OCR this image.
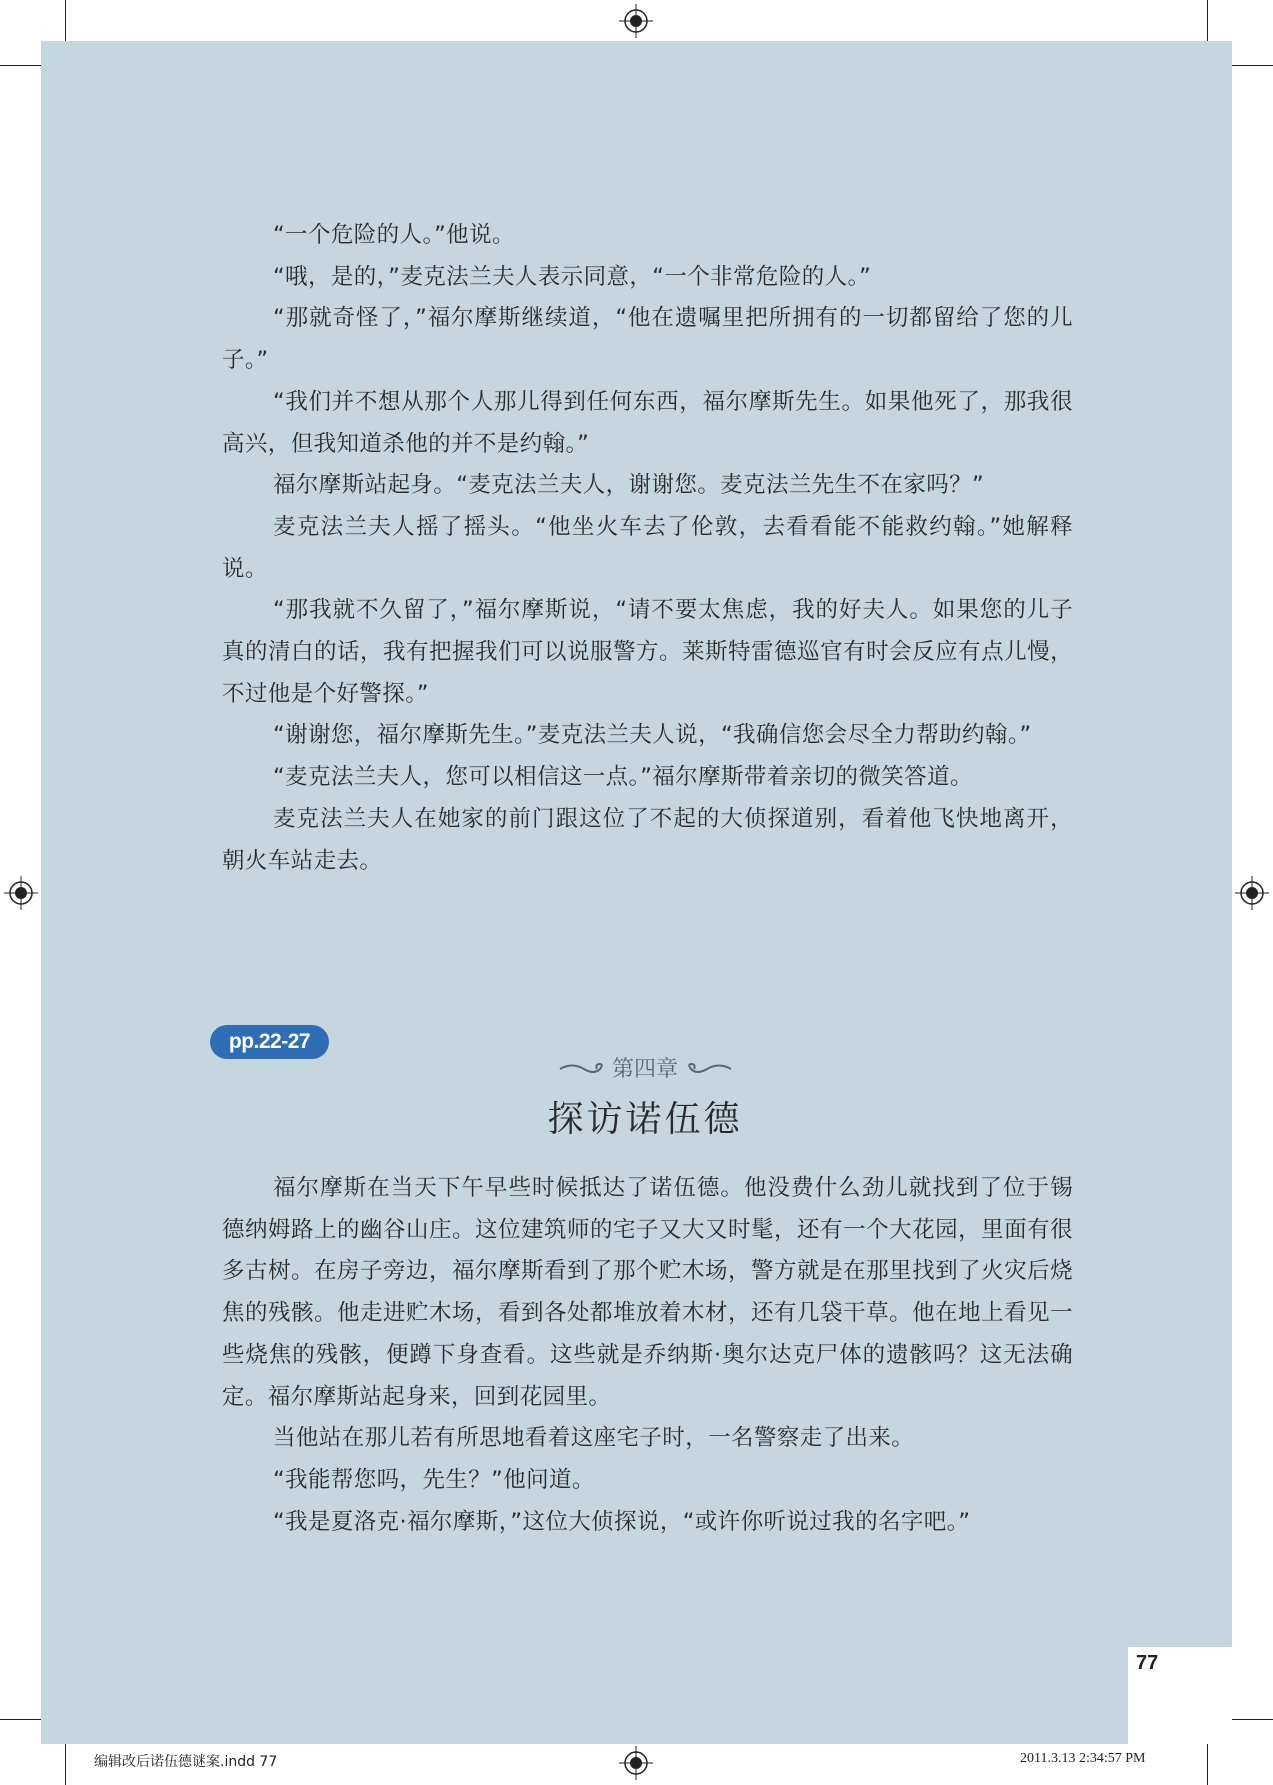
“一个危险的人。”他说。

“哦，是的，”麦克法兰夫人表示同意，“一个非常危险的人。”

“那就奇怪了，”福尔摩斯继续道，“他在遗嘱里把所拥有的一切都留给了您的儿子。”

“我们并不想从那个人那儿得到任何东西，福尔摩斯先生。如果他死了，那我很高兴，但我知道杀他的并不是约翰。”

福尔摩斯站起身。“麦克法兰夫人，谢谢您。麦克法兰先生不在家吗？”

麦克法兰夫人摇了摇头。“他坐火车去了伦敦，去看看能不能救约翰。”她解释说。

“那我就不久留了，”福尔摩斯说，“请不要太焦虑，我的好夫人。如果您的儿子真的清白的话，我有把握我们可以说服警方。莱斯特雷德巡官有时会反应有点儿慢，不过他是个好警探。”

“谢谢您，福尔摩斯先生。”麦克法兰夫人说，“我确信您会尽全力帮助约翰。”

“麦克法兰夫人，您可以相信这一点。”福尔摩斯带着亲切的微笑答道。

麦克法兰夫人在她家的前门跟这位了不起的大侦探道别，看着他飞快地离开，朝火车站走去。

pp.22-27
第四章
探访诺伍德

福尔摩斯在当天下午早些时候抵达了诺伍德。他没费什么劲儿就找到了位于锡德纳姆路上的幽谷山庄。这位建筑师的宅子又大又时髦，还有一个大花园，里面有很多古树。在房子旁边，福尔摩斯看到了那个贮木场，警方就是在那里找到了火灾后烧焦的残骸。他走进贮木场，看到各处都堆放着木材，还有几袋干草。他在地上看见一些烧焦的残骸，便蹲下身查看。这些就是乔纳斯·奥尔达克尸体的遗骸吗？这无法确定。福尔摩斯站起身来，回到花园里。

当他站在那儿若有所思地看着这座宅子时，一名警察走了出来。

“我能帮您吗，先生？”他问道。

“我是夏洛克·福尔摩斯，”这位大侦探说，“或许你听说过我的名字吧。”

77
编辑改后诺伍德谜案.indd 77	2011.3.13 2:34:57 PM
